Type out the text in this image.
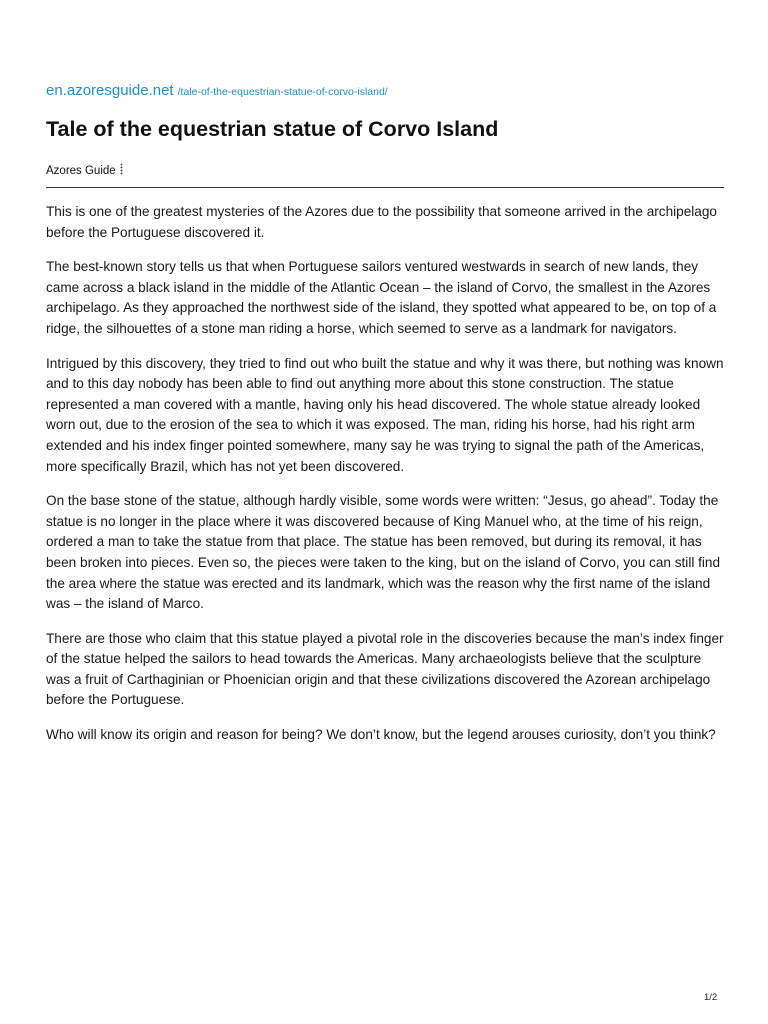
en.azoresguide.net /tale-of-the-equestrian-statue-of-corvo-island/
Tale of the equestrian statue of Corvo Island
Azores Guide

This is one of the greatest mysteries of the Azores due to the possibility that someone arrived in the archipelago before the Portuguese discovered it.

The best-known story tells us that when Portuguese sailors ventured westwards in search of new lands, they came across a black island in the middle of the Atlantic Ocean – the island of Corvo, the smallest in the Azores archipelago. As they approached the northwest side of the island, they spotted what appeared to be, on top of a ridge, the silhouettes of a stone man riding a horse, which seemed to serve as a landmark for navigators.

Intrigued by this discovery, they tried to find out who built the statue and why it was there, but nothing was known and to this day nobody has been able to find out anything more about this stone construction. The statue represented a man covered with a mantle, having only his head discovered. The whole statue already looked worn out, due to the erosion of the sea to which it was exposed. The man, riding his horse, had his right arm extended and his index finger pointed somewhere, many say he was trying to signal the path of the Americas, more specifically Brazil, which has not yet been discovered.

On the base stone of the statue, although hardly visible, some words were written: “Jesus, go ahead”. Today the statue is no longer in the place where it was discovered because of King Manuel who, at the time of his reign, ordered a man to take the statue from that place. The statue has been removed, but during its removal, it has been broken into pieces. Even so, the pieces were taken to the king, but on the island of Corvo, you can still find the area where the statue was erected and its landmark, which was the reason why the first name of the island was – the island of Marco.

There are those who claim that this statue played a pivotal role in the discoveries because the man’s index finger of the statue helped the sailors to head towards the Americas. Many archaeologists believe that the sculpture was a fruit of Carthaginian or Phoenician origin and that these civilizations discovered the Azorean archipelago before the Portuguese.

Who will know its origin and reason for being? We don’t know, but the legend arouses curiosity, don’t you think?

1/2
